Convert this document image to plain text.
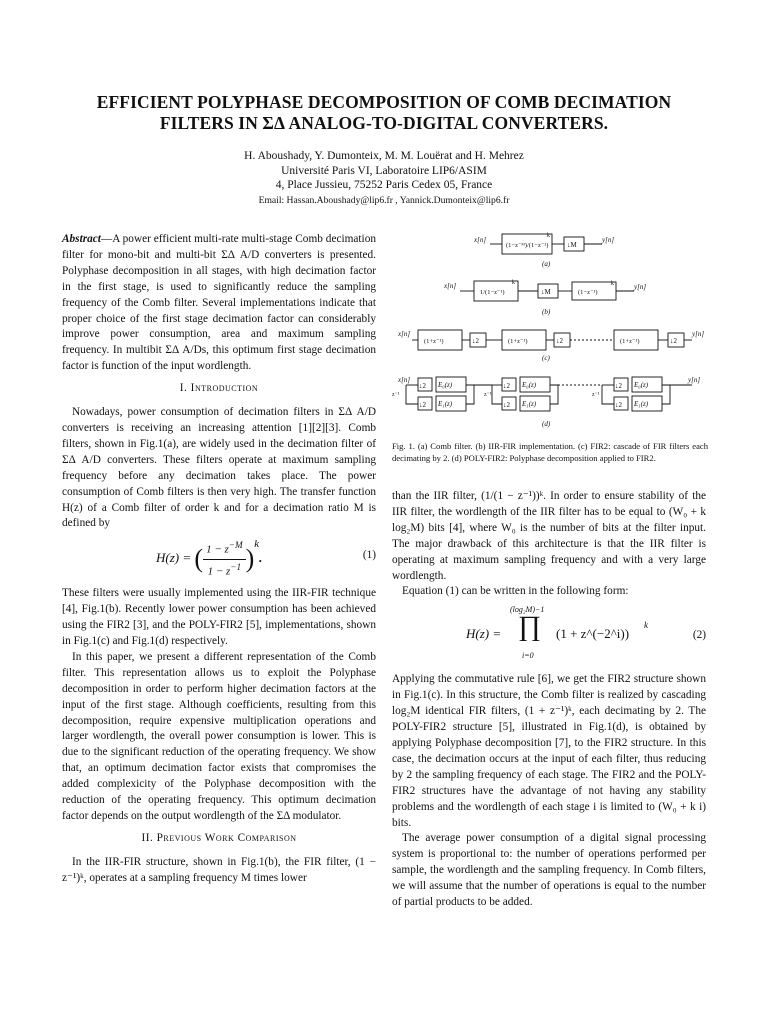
EFFICIENT POLYPHASE DECOMPOSITION OF COMB DECIMATION
FILTERS IN ΣΔ ANALOG-TO-DIGITAL CONVERTERS.
H. Aboushady, Y. Dumonteix, M. M. Louërat and H. Mehrez
Université Paris VI, Laboratoire LIP6/ASIM
4, Place Jussieu, 75252 Paris Cedex 05, France
Email: Hassan.Aboushady@lip6.fr , Yannick.Dumonteix@lip6.fr

Abstract—A power efficient multi-rate multi-stage Comb decimation filter for mono-bit and multi-bit ΣΔ A/D converters is presented. Polyphase decomposition in all stages, with high decimation factor in the first stage, is used to significantly reduce the sampling frequency of the Comb filter. Several implementations indicate that proper choice of the first stage decimation factor can considerably improve power consumption, area and maximum sampling frequency. In multibit ΣΔ A/Ds, this optimum first stage decimation factor is function of the input wordlength.

I. Introduction

Nowadays, power consumption of decimation filters in ΣΔ A/D converters is receiving an increasing attention [1][2][3]. Comb filters, shown in Fig.1(a), are widely used in the decimation filter of ΣΔ A/D converters. These filters operate at maximum sampling frequency before any decimation takes place. The power consumption of Comb filters is then very high. The transfer function H(z) of a Comb filter of order k and for a decimation ratio M is defined by

H(z) = ( $\frac{1 - z^{-M}}{1 - z^{-1}} )^k$.	(1)

These filters were usually implemented using the IIR-FIR technique [4], Fig.1(b). Recently lower power consumption has been achieved using the FIR2 [3], and the POLY-FIR2 [5], implementations, shown in Fig.1(c) and Fig.1(d) respectively.

In this paper, we present a different representation of the Comb filter. This representation allows us to exploit the Polyphase decomposition in order to perform higher decimation factors at the input of the first stage. Although coefficients, resulting from this decomposition, require expensive multiplication operations and larger wordlength, the overall power consumption is lower. This is due to the significant reduction of the operating frequency. We show that, an optimum decimation factor exists that compromises the added complexicity of the Polyphase decomposition with the reduction of the operating frequency. This optimum decimation factor depends on the output wordlength of the ΣΔ modulator.

II. Previous Work Comparison

In the IIR-FIR structure, shown in Fig.1(b), the FIR filter, (1 − z⁻¹)ᵏ, operates at a sampling frequency M times lower

x[n]
(1−z⁻ᴹ)/(1−z⁻¹)
k
↓M
y[n]
(a)
x[n]
1/(1−z⁻¹)
k
↓M	(1−z⁻¹)
k	y[n]
(b)
x[n]
(1+z⁻¹)	↓2	(1+z⁻¹)	↓2	(1+z⁻¹)	↓2
y[n]
(c)
x[n]
z⁻¹
↓2
↓2
E₀(z)
E₁(z)
z⁻¹
↓2
↓2
E₀(z)
E₁(z)
z⁻¹
↓2
↓2
E₀(z)
E₁(z)
y[n]
(d)
Fig. 1. (a) Comb filter. (b) IIR-FIR implementation. (c) FIR2: cascade of FIR filters each decimating by 2. (d) POLY-FIR2: Polyphase decomposition applied to FIR2.

than the IIR filter, (1/(1 − z⁻¹))ᵏ. In order to ensure stability of the IIR filter, the wordlength of the IIR filter has to be equal to (W₀ + k log₂M) bits [4], where W₀ is the number of bits at the filter input. The major drawback of this architecture is that the IIR filter is operating at maximum sampling frequency and with a very large wordlength.

Equation (1) can be written in the following form:

H(z) =
(log₂M)−1
∏
i=0
(1 + z^(−2^i))
k
(2)

Applying the commutative rule [6], we get the FIR2 structure shown in Fig.1(c). In this structure, the Comb filter is realized by cascading log₂M identical FIR filters, (1 + z⁻¹)ᵏ, each decimating by 2. The POLY-FIR2 structure [5], illustrated in Fig.1(d), is obtained by applying Polyphase decomposition [7], to the FIR2 structure. In this case, the decimation occurs at the input of each filter, thus reducing by 2 the sampling frequency of each stage. The FIR2 and the POLY-FIR2 structures have the advantage of not having any stability problems and the wordlength of each stage i is limited to (W₀ + k i) bits.

The average power consumption of a digital signal processing system is proportional to: the number of operations performed per sample, the wordlength and the sampling frequency. In Comb filters, we will assume that the number of operations is equal to the number of partial products to be added.
